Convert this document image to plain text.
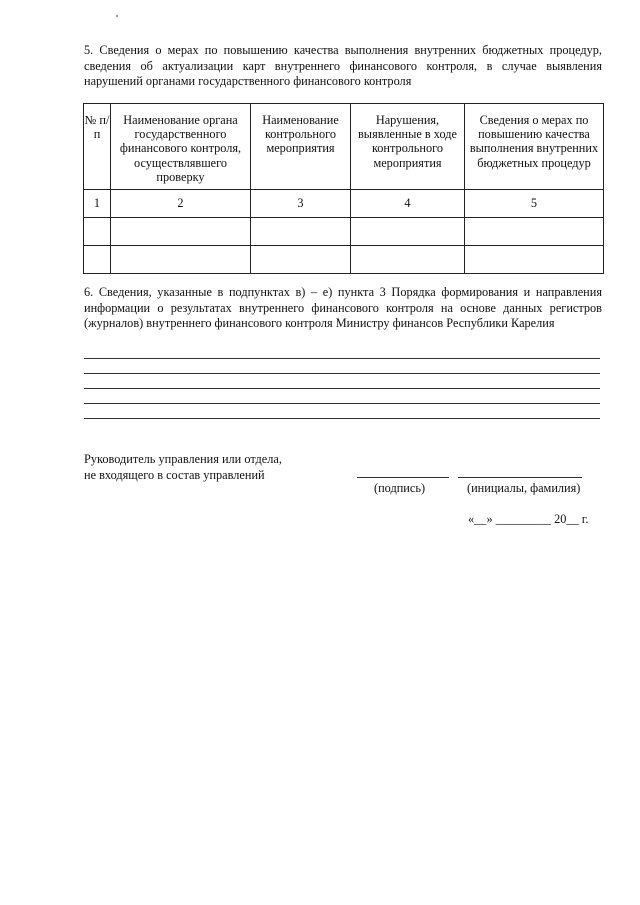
5. Сведения о мерах по повышению качества выполнения внутренних бюджетных процедур, сведения об актуализации карт внутреннего финансового контроля, в случае выявления нарушений органами государственного финансового контроля
№ п/п	Наименование органа государственного финансового контроля, осуществлявшего проверку	Наименование контрольного мероприятия	Нарушения, выявленные в ходе контрольного мероприятия	Сведения о мерах по повышению качества выполнения внутренних бюджетных процедур
1	2	3	4	5

6. Сведения, указанные в подпунктах в) – е) пункта 3 Порядка формирования и направления информации о результатах внутреннего финансового контроля на основе данных регистров (журналов) внутреннего финансового контроля Министру финансов Республики Карелия
Руководитель управления или отдела,
не входящего в состав управлений
(подпись)	(инициалы, фамилия)
«__» _________ 20__ г.
